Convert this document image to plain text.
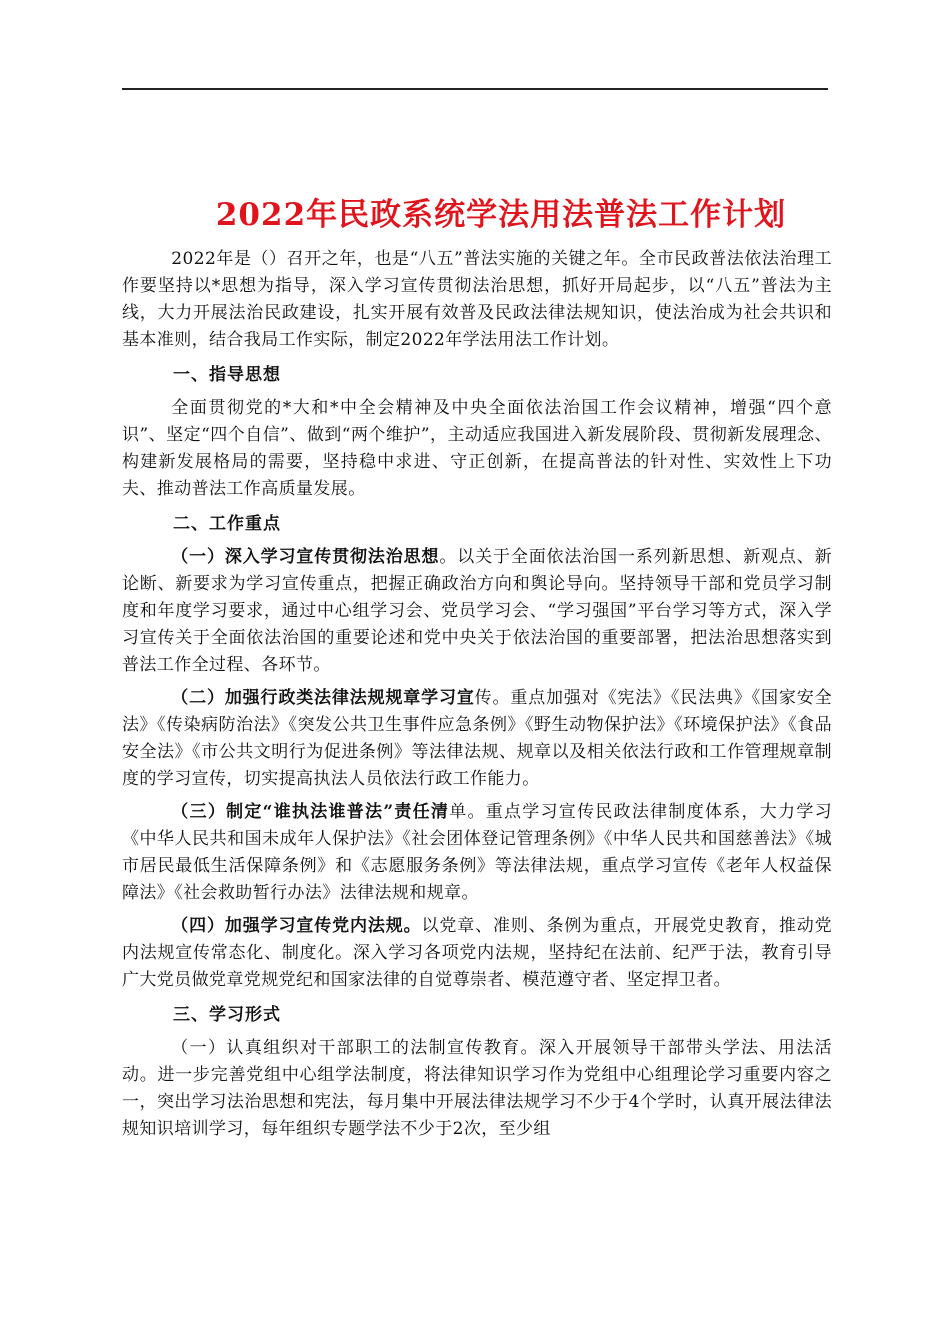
2022年民政系统学法用法普法工作计划

2022年是（）召开之年，也是“八五”普法实施的关键之年。全市民政普法依法治理工作要坚持以*思想为指导，深入学习宣传贯彻法治思想，抓好开局起步，以“八五”普法为主线，大力开展法治民政建设，扎实开展有效普及民政法律法规知识，使法治成为社会共识和基本准则，结合我局工作实际，制定2022年学法用法工作计划。

一、指导思想

全面贯彻党的*大和*中全会精神及中央全面依法治国工作会议精神，增强“四个意识”、坚定“四个自信”、做到“两个维护”，主动适应我国进入新发展阶段、贯彻新发展理念、构建新发展格局的需要，坚持稳中求进、守正创新，在提高普法的针对性、实效性上下功夫、推动普法工作高质量发展。

二、工作重点

（一）深入学习宣传贯彻法治思想。以关于全面依法治国一系列新思想、新观点、新论断、新要求为学习宣传重点，把握正确政治方向和舆论导向。坚持领导干部和党员学习制度和年度学习要求，通过中心组学习会、党员学习会、“学习强国”平台学习等方式，深入学习宣传关于全面依法治国的重要论述和党中央关于依法治国的重要部署，把法治思想落实到普法工作全过程、各环节。

（二）加强行政类法律法规规章学习宣传。重点加强对《宪法》《民法典》《国家安全法》《传染病防治法》《突发公共卫生事件应急条例》《野生动物保护法》《环境保护法》《食品安全法》《市公共文明行为促进条例》等法律法规、规章以及相关依法行政和工作管理规章制度的学习宣传，切实提高执法人员依法行政工作能力。

（三）制定“谁执法谁普法”责任清单。重点学习宣传民政法律制度体系，大力学习《中华人民共和国未成年人保护法》《社会团体登记管理条例》《中华人民共和国慈善法》《城市居民最低生活保障条例》和《志愿服务条例》等法律法规，重点学习宣传《老年人权益保障法》《社会救助暂行办法》法律法规和规章。

（四）加强学习宣传党内法规。以党章、准则、条例为重点，开展党史教育，推动党内法规宣传常态化、制度化。深入学习各项党内法规，坚持纪在法前、纪严于法，教育引导广大党员做党章党规党纪和国家法律的自觉尊崇者、模范遵守者、坚定捍卫者。

三、学习形式

（一）认真组织对干部职工的法制宣传教育。深入开展领导干部带头学法、用法活动。进一步完善党组中心组学法制度，将法律知识学习作为党组中心组理论学习重要内容之一，突出学习法治思想和宪法，每月集中开展法律法规学习不少于4个学时，认真开展法律法规知识培训学习，每年组织专题学法不少于2次，至少组
